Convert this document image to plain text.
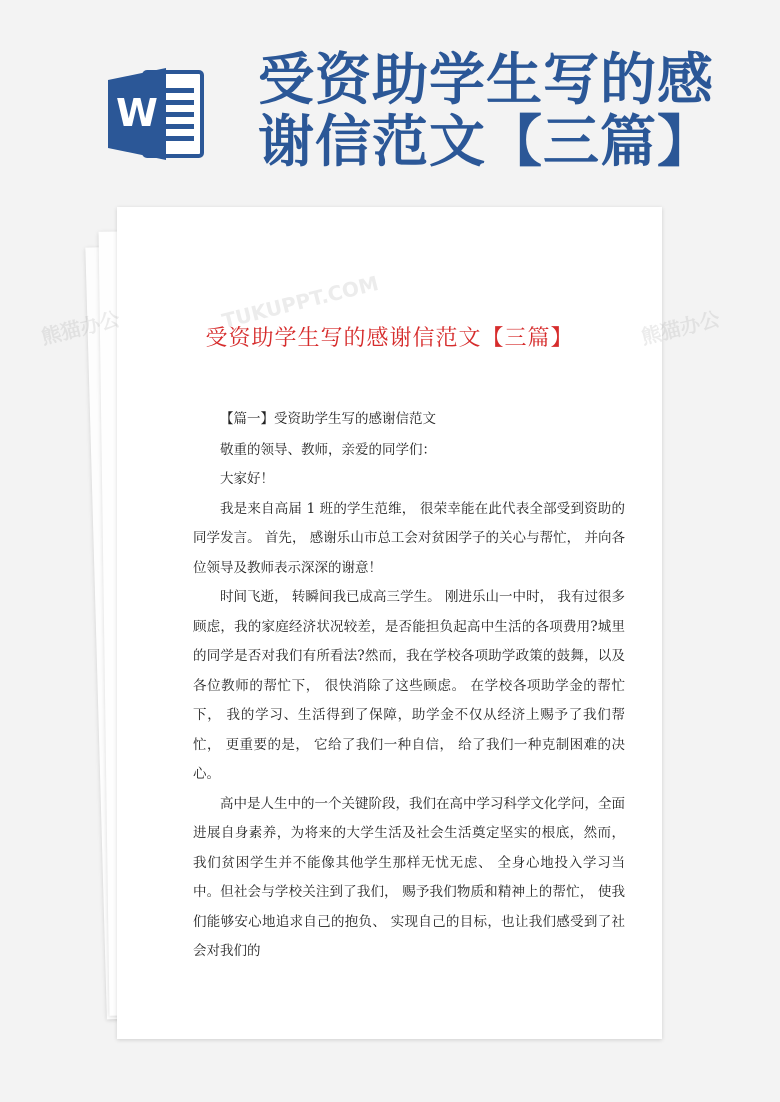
W 受资助学生写的感
谢信范文【三篇】
受资助学生写的感谢信范文【三篇】

【篇一】受资助学生写的感谢信范文

敬重的领导、教师，亲爱的同学们：

大家好！

我是来自高届 1 班的学生范维， 很荣幸能在此代表全部受到资助的同学发言。 首先， 感谢乐山市总工会对贫困学子的关心与帮忙， 并向各位领导及教师表示深深的谢意！

时间飞逝， 转瞬间我已成高三学生。 刚进乐山一中时， 我有过很多顾虑，我的家庭经济状况较差，是否能担负起高中生活的各项费用?城里的同学是否对我们有所看法?然而，我在学校各项助学政策的鼓舞，以及各位教师的帮忙下， 很快消除了这些顾虑。 在学校各项助学金的帮忙下， 我的学习、生活得到了保障，助学金不仅从经济上赐予了我们帮忙， 更重要的是， 它给了我们一种自信， 给了我们一种克制困难的决心。

高中是人生中的一个关键阶段，我们在高中学习科学文化学问，全面进展自身素养，为将来的大学生活及社会生活奠定坚实的根底，然而， 我们贫困学生并不能像其他学生那样无忧无虑、 全身心地投入学习当中。但社会与学校关注到了我们， 赐予我们物质和精神上的帮忙， 使我们能够安心地追求自己的抱负、 实现自己的目标，也让我们感受到了社会对我们的

熊猫办公	熊猫办公
